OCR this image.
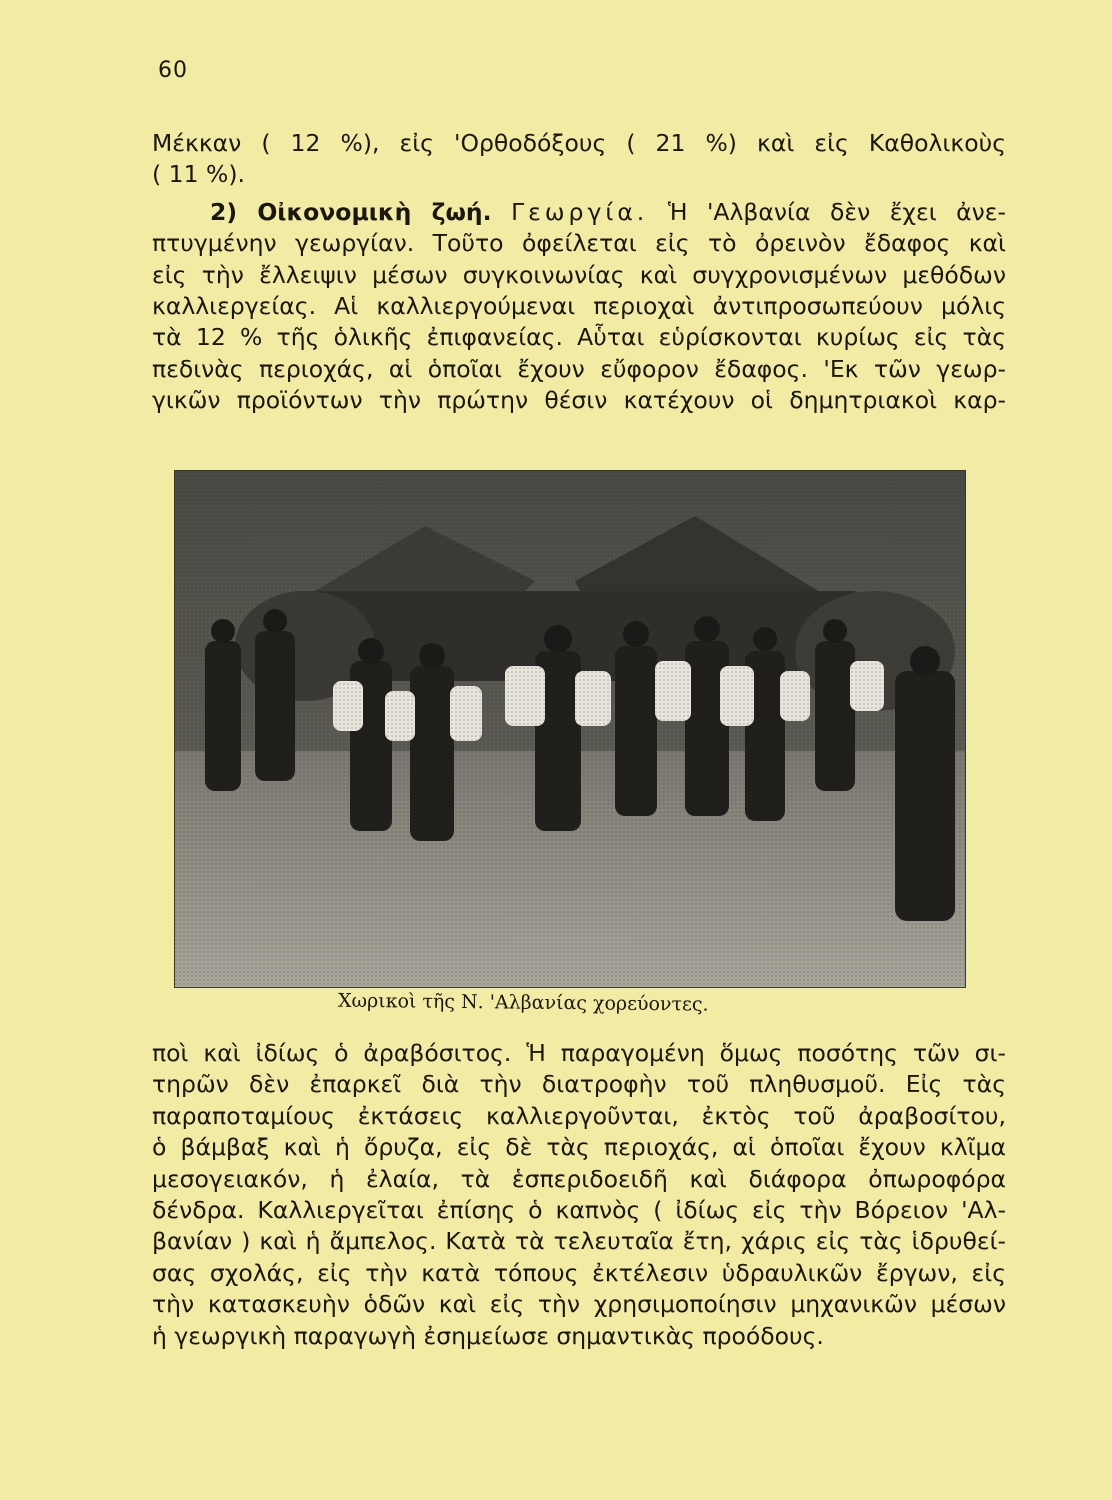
60

Μέκκαν ( 12 %), εἰς 'Ορθοδόξους ( 21 %) καὶ εἰς Καθολικοὺς
( 11 %).

2) Οἰκονομικὴ ζωή. Γεωργία. Ἡ 'Αλβανία δὲν ἔχει ἀνε-
πτυγμένην γεωργίαν. Τοῦτο ὀφείλεται εἰς τὸ ὀρεινὸν ἔδαφος καὶ
εἰς τὴν ἔλλειψιν μέσων συγκοινωνίας καὶ συγχρονισμένων μεθόδων
καλλιεργείας. Αἱ καλλιεργούμεναι περιοχαὶ ἀντιπροσωπεύουν μόλις
τὰ 12 % τῆς ὁλικῆς ἐπιφανείας. Αὗται εὑρίσκονται κυρίως εἰς τὰς
πεδινὰς περιοχάς, αἱ ὁποῖαι ἔχουν εὔφορον ἔδαφος. 'Εκ τῶν γεωρ-
γικῶν προϊόντων τὴν πρώτην θέσιν κατέχουν οἱ δημητριακοὶ καρ-

Χωρικοὶ τῆς Ν. 'Αλβανίας χορεύοντες.

ποὶ καὶ ἰδίως ὁ ἀραβόσιτος. Ἡ παραγομένη ὅμως ποσότης τῶν σι-
τηρῶν δὲν ἐπαρκεῖ διὰ τὴν διατροφὴν τοῦ πληθυσμοῦ. Εἰς τὰς
παραποταμίους ἐκτάσεις καλλιεργοῦνται, ἐκτὸς τοῦ ἀραβοσίτου,
ὁ βάμβαξ καὶ ἡ ὄρυζα, εἰς δὲ τὰς περιοχάς, αἱ ὁποῖαι ἔχουν κλῖμα
μεσογειακόν, ἡ ἐλαία, τὰ ἑσπεριδοειδῆ καὶ διάφορα ὀπωροφόρα
δένδρα. Καλλιεργεῖται ἐπίσης ὁ καπνὸς ( ἰδίως εἰς τὴν Βόρειον 'Αλ-
βανίαν ) καὶ ἡ ἄμπελος. Κατὰ τὰ τελευταῖα ἔτη, χάρις εἰς τὰς ἱδρυθεί-
σας σχολάς, εἰς τὴν κατὰ τόπους ἐκτέλεσιν ὑδραυλικῶν ἔργων, εἰς
τὴν κατασκευὴν ὁδῶν καὶ εἰς τὴν χρησιμοποίησιν μηχανικῶν μέσων
ἡ γεωργικὴ παραγωγὴ ἐσημείωσε σημαντικὰς προόδους.
